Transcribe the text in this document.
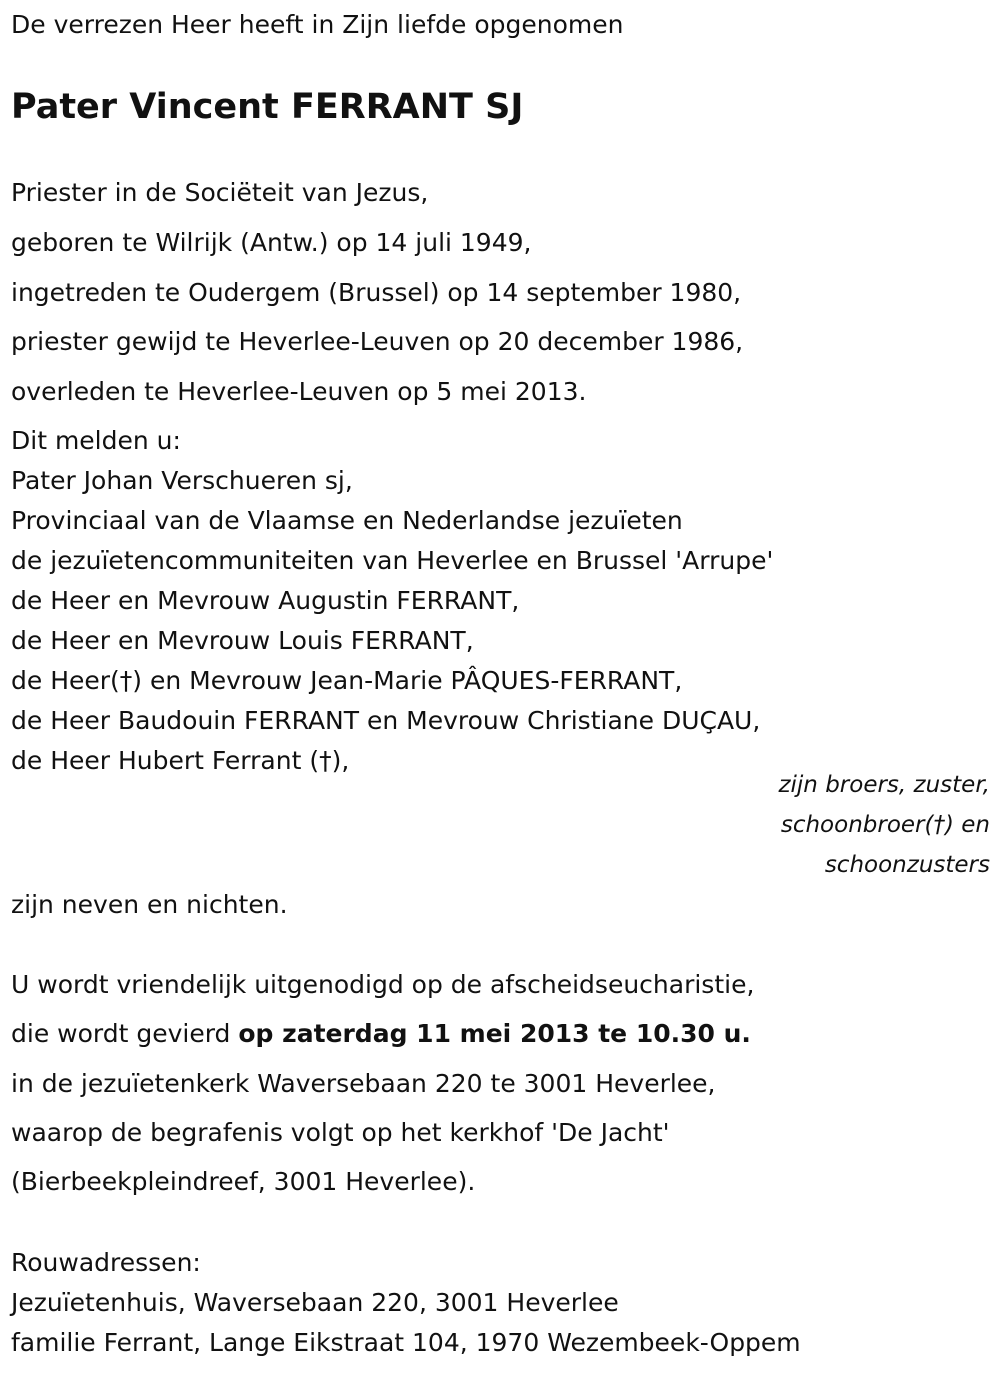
De verrezen Heer heeft in Zijn liefde opgenomen
Pater Vincent FERRANT SJ
Priester in de Sociëteit van Jezus,
geboren te Wilrijk (Antw.) op 14 juli 1949,
ingetreden te Oudergem (Brussel) op 14 september 1980,
priester gewijd te Heverlee-Leuven op 20 december 1986,
overleden te Heverlee-Leuven op 5 mei 2013.
Dit melden u:
Pater Johan Verschueren sj,
Provinciaal van de Vlaamse en Nederlandse jezuïeten
de jezuïetencommuniteiten van Heverlee en Brussel 'Arrupe'
de Heer en Mevrouw Augustin FERRANT,
de Heer en Mevrouw Louis FERRANT,
de Heer(†) en Mevrouw Jean-Marie PÂQUES-FERRANT,
de Heer Baudouin FERRANT en Mevrouw Christiane DUÇAU,
de Heer Hubert Ferrant (†),
zijn broers, zuster,
schoonbroer(†) en
schoonzusters
zijn neven en nichten.
U wordt vriendelijk uitgenodigd op de afscheidseucharistie,
die wordt gevierd op zaterdag 11 mei 2013 te 10.30 u.
in de jezuïetenkerk Waversebaan 220 te 3001 Heverlee,
waarop de begrafenis volgt op het kerkhof 'De Jacht'
(Bierbeekpleindreef, 3001 Heverlee).
Rouwadressen:
Jezuïetenhuis, Waversebaan 220, 3001 Heverlee
familie Ferrant, Lange Eikstraat 104, 1970 Wezembeek-Oppem
